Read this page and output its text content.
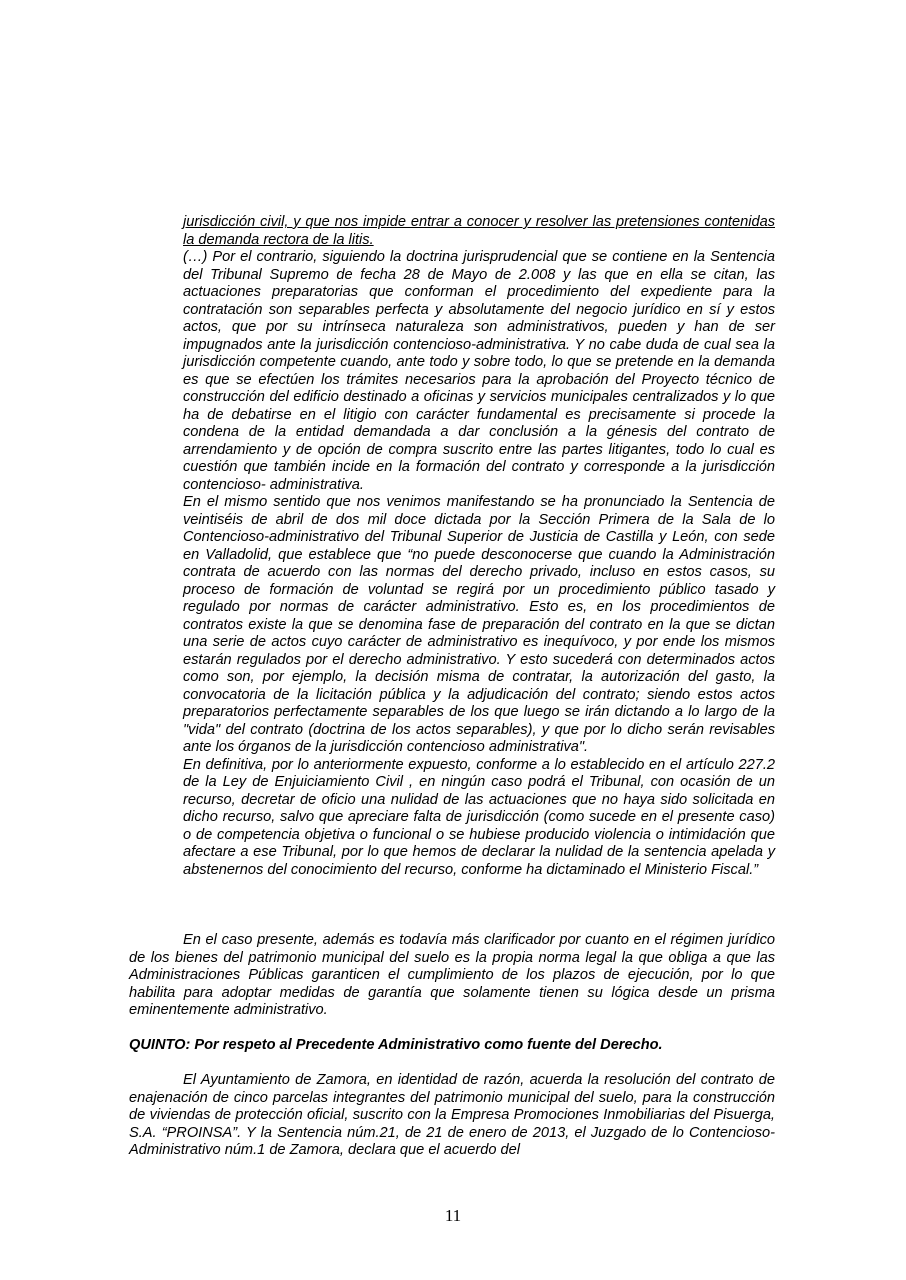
jurisdicción civil, y que nos impide entrar a conocer y resolver las pretensiones contenidas la demanda rectora de la litis.

(…) Por el contrario, siguiendo la doctrina jurisprudencial que se contiene en la Sentencia del Tribunal Supremo de fecha 28 de Mayo de 2.008 y las que en ella se citan, las actuaciones preparatorias que conforman el procedimiento del expediente para la contratación son separables perfecta y absolutamente del negocio jurídico en sí y estos actos, que por su intrínseca naturaleza son administrativos, pueden y han de ser impugnados ante la jurisdicción contencioso-administrativa. Y no cabe duda de cual sea la jurisdicción competente cuando, ante todo y sobre todo, lo que se pretende en la demanda es que se efectúen los trámites necesarios para la aprobación del Proyecto técnico de construcción del edificio destinado a oficinas y servicios municipales centralizados y lo que ha de debatirse en el litigio con carácter fundamental es precisamente si procede la condena de la entidad demandada a dar conclusión a la génesis del contrato de arrendamiento y de opción de compra suscrito entre las partes litigantes, todo lo cual es cuestión que también incide en la formación del contrato y corresponde a la jurisdicción contencioso- administrativa.

En el mismo sentido que nos venimos manifestando se ha pronunciado la Sentencia de veintiséis de abril de dos mil doce dictada por la Sección Primera de la Sala de lo Contencioso-administrativo del Tribunal Superior de Justicia de Castilla y León, con sede en Valladolid, que establece que “no puede desconocerse que cuando la Administración contrata de acuerdo con las normas del derecho privado, incluso en estos casos, su proceso de formación de voluntad se regirá por un procedimiento público tasado y regulado por normas de carácter administrativo. Esto es, en los procedimientos de contratos existe la que se denomina fase de preparación del contrato en la que se dictan una serie de actos cuyo carácter de administrativo es inequívoco, y por ende los mismos estarán regulados por el derecho administrativo. Y esto sucederá con determinados actos como son, por ejemplo, la decisión misma de contratar, la autorización del gasto, la convocatoria de la licitación pública y la adjudicación del contrato; siendo estos actos preparatorios perfectamente separables de los que luego se irán dictando a lo largo de la "vida" del contrato (doctrina de los actos separables), y que por lo dicho serán revisables ante los órganos de la jurisdicción contencioso administrativa".

En definitiva, por lo anteriormente expuesto, conforme a lo establecido en el artículo 227.2 de la Ley de Enjuiciamiento Civil , en ningún caso podrá el Tribunal, con ocasión de un recurso, decretar de oficio una nulidad de las actuaciones que no haya sido solicitada en dicho recurso, salvo que apreciare falta de jurisdicción (como sucede en el presente caso) o de competencia objetiva o funcional o se hubiese producido violencia o intimidación que afectare a ese Tribunal, por lo que hemos de declarar la nulidad de la sentencia apelada y abstenernos del conocimiento del recurso, conforme ha dictaminado el Ministerio Fiscal.”

En el caso presente, además es todavía más clarificador por cuanto en el régimen jurídico de los bienes del patrimonio municipal del suelo es la propia norma legal la que obliga a que las Administraciones Públicas garanticen el cumplimiento de los plazos de ejecución, por lo que habilita para adoptar medidas de garantía que solamente tienen su lógica desde un prisma eminentemente administrativo.

QUINTO: Por respeto al Precedente Administrativo como fuente del Derecho.

El Ayuntamiento de Zamora, en identidad de razón, acuerda la resolución del contrato de enajenación de cinco parcelas integrantes del patrimonio municipal del suelo, para la construcción de viviendas de protección oficial, suscrito con la Empresa Promociones Inmobiliarias del Pisuerga, S.A. “PROINSA”. Y la Sentencia núm.21, de 21 de enero de 2013, el Juzgado de lo Contencioso-Administrativo núm.1 de Zamora, declara que el acuerdo del

11
